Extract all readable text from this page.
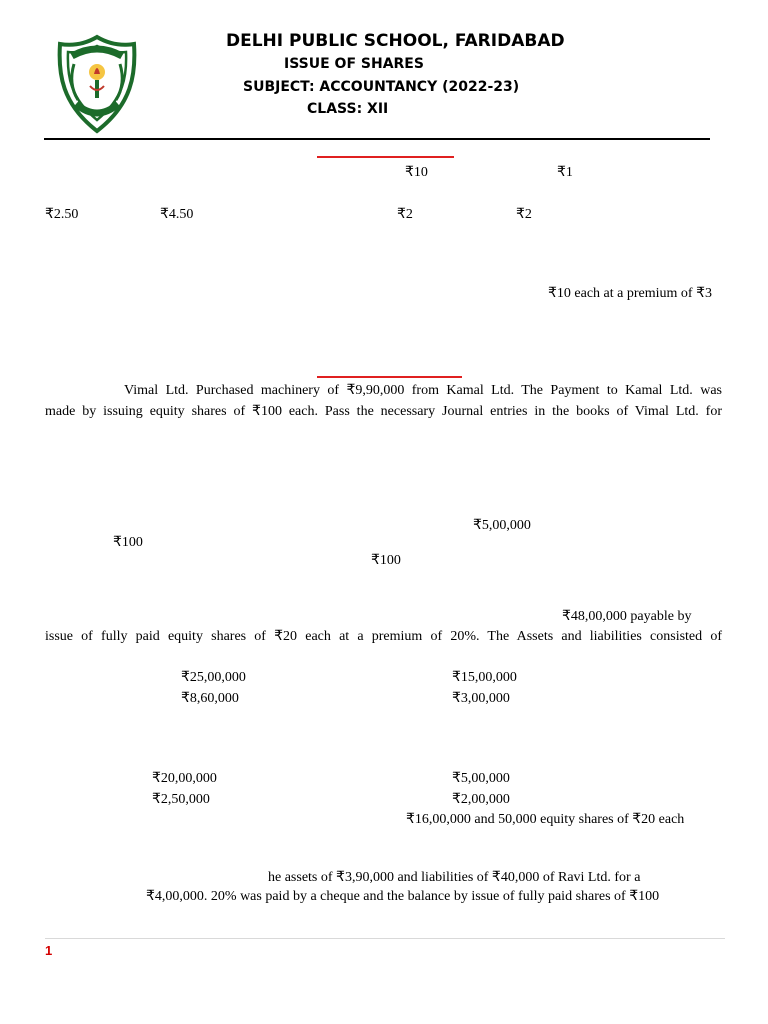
DELHI PUBLIC SCHOOL, FARIDABAD
ISSUE OF SHARES
SUBJECT: ACCOUNTANCY (2022-23)
CLASS: XII
₹10	₹1
₹2.50	₹4.50	₹2	₹2
₹10 each at a premium of ₹3
Vimal Ltd. Purchased machinery of ₹9,90,000 from Kamal Ltd. The Payment to Kamal Ltd. was
made by issuing equity shares of ₹100 each. Pass the necessary Journal entries in the books of Vimal Ltd. for
₹5,00,000
₹100
₹100
₹48,00,000 payable by
issue of fully paid equity shares of ₹20 each at a premium of 20%. The Assets and liabilities consisted of
₹25,00,000	₹15,00,000
₹8,60,000	₹3,00,000
₹20,00,000	₹5,00,000
₹2,50,000	₹2,00,000
₹16,00,000 and 50,000 equity shares of ₹20 each
he assets of ₹3,90,000 and liabilities of ₹40,000 of Ravi Ltd. for a
₹4,00,000. 20% was paid by a cheque and the balance by issue of fully paid shares of ₹100
1
